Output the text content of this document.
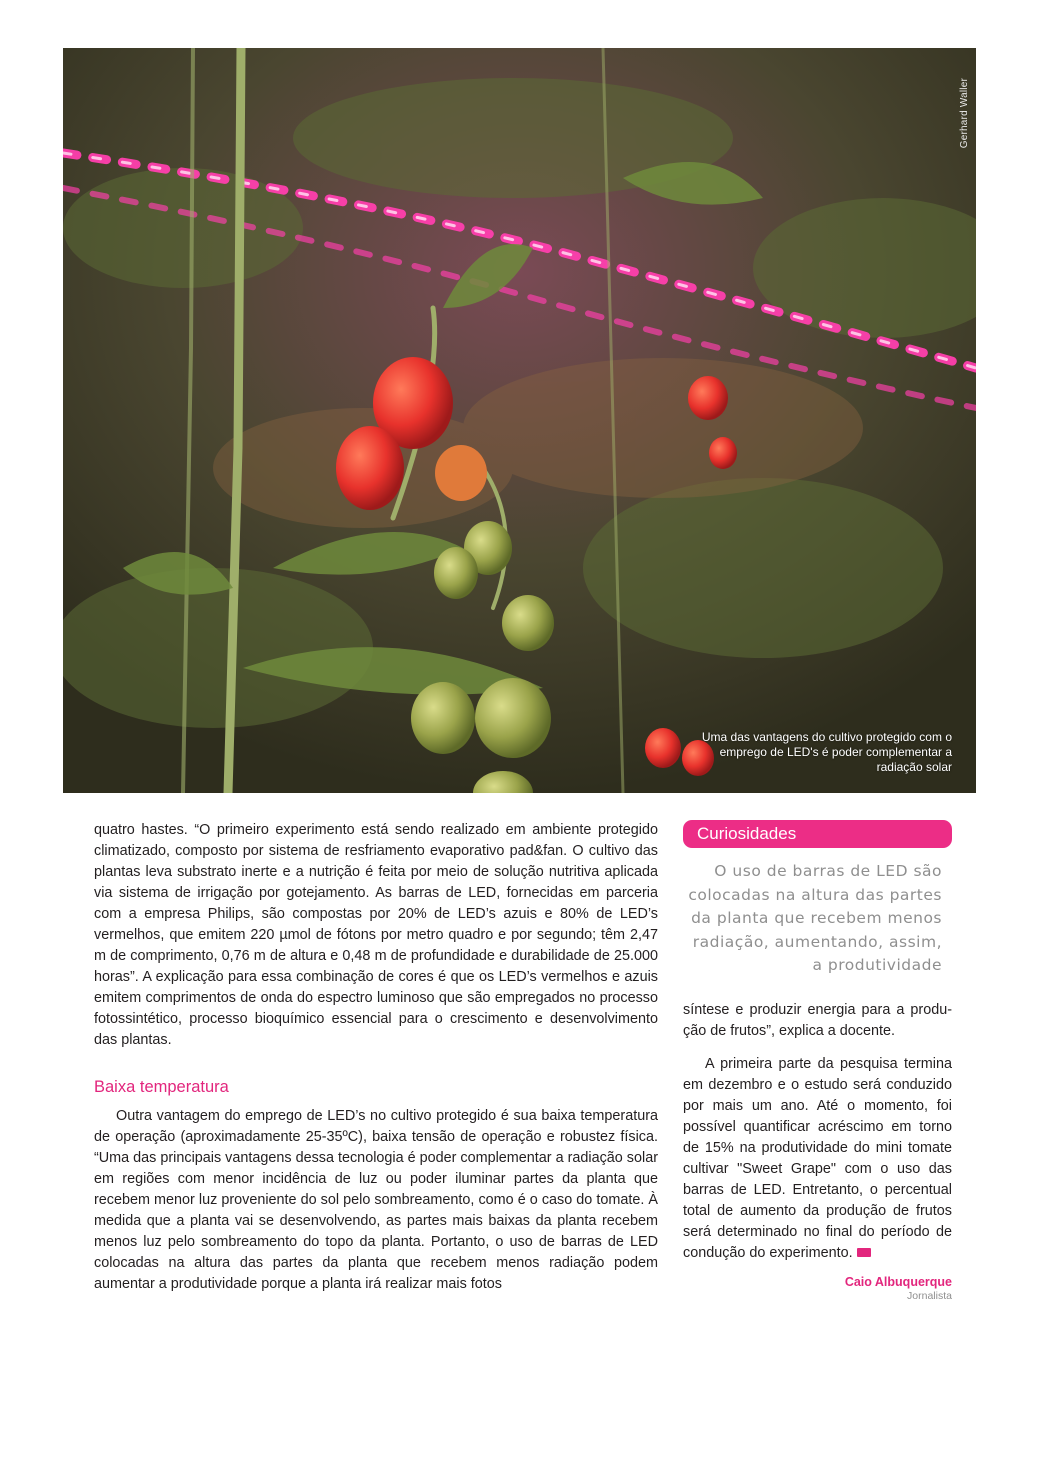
Gerhard Waller
Uma das vantagens do cultivo protegido com o emprego de LED's é poder complementar a radiação solar

quatro hastes. “O primeiro experimento está sendo realizado em ambiente protegido climatizado, composto por sistema de resfriamento evaporativo pad&fan. O cultivo das plantas leva substrato inerte e a nutrição é feita por meio de solução nutritiva aplicada via sistema de irrigação por gotejamento. As barras de LED, fornecidas em parceria com a empresa Philips, são compostas por 20% de LED’s azuis e 80% de LED’s vermelhos, que emitem 220 µmol de fótons por metro quadro e por segundo; têm 2,47 m de comprimento, 0,76 m de altura e 0,48 m de profundidade e durabilidade de 25.000 horas”. A explicação para essa combinação de cores é que os LED’s vermelhos e azuis emitem comprimentos de onda do espectro luminoso que são empregados no processo fotossintético, processo bioquímico essencial para o crescimento e desenvolvimento das plantas.

Baixa temperatura

Outra vantagem do emprego de LED’s no cultivo protegido é sua baixa temperatura de operação (aproximadamente 25-35ºC), baixa tensão de operação e robustez física. “Uma das principais vantagens dessa tecnologia é poder complementar a radiação solar em regiões com menor incidência de luz ou poder iluminar partes da planta que recebem menor luz proveniente do sol pelo sombreamento, como é o caso do tomate. À medida que a planta vai se desenvolvendo, as partes mais baixas da planta recebem menos luz pelo sombreamento do topo da planta. Portanto, o uso de barras de LED colocadas na altura das partes da planta que recebem menos radiação podem aumentar a produtividade porque a planta irá realizar mais fotos

Curiosidades
O uso de barras de LED são colocadas na altura das partes da planta que recebem menos radiação, aumentando, assim, a produtividade

síntese e produzir energia para a produção de frutos”, explica a docente.

A primeira parte da pesquisa termina em dezembro e o estudo será conduzido por mais um ano. Até o momento, foi possível quantificar acréscimo em torno de 15% na produtividade do mini tomate cultivar "Sweet Grape" com o uso das barras de LED. Entretanto, o percentual total de aumento da produção de frutos será determinado no final do período de condução do experimento.

Caio Albuquerque
Jornalista
